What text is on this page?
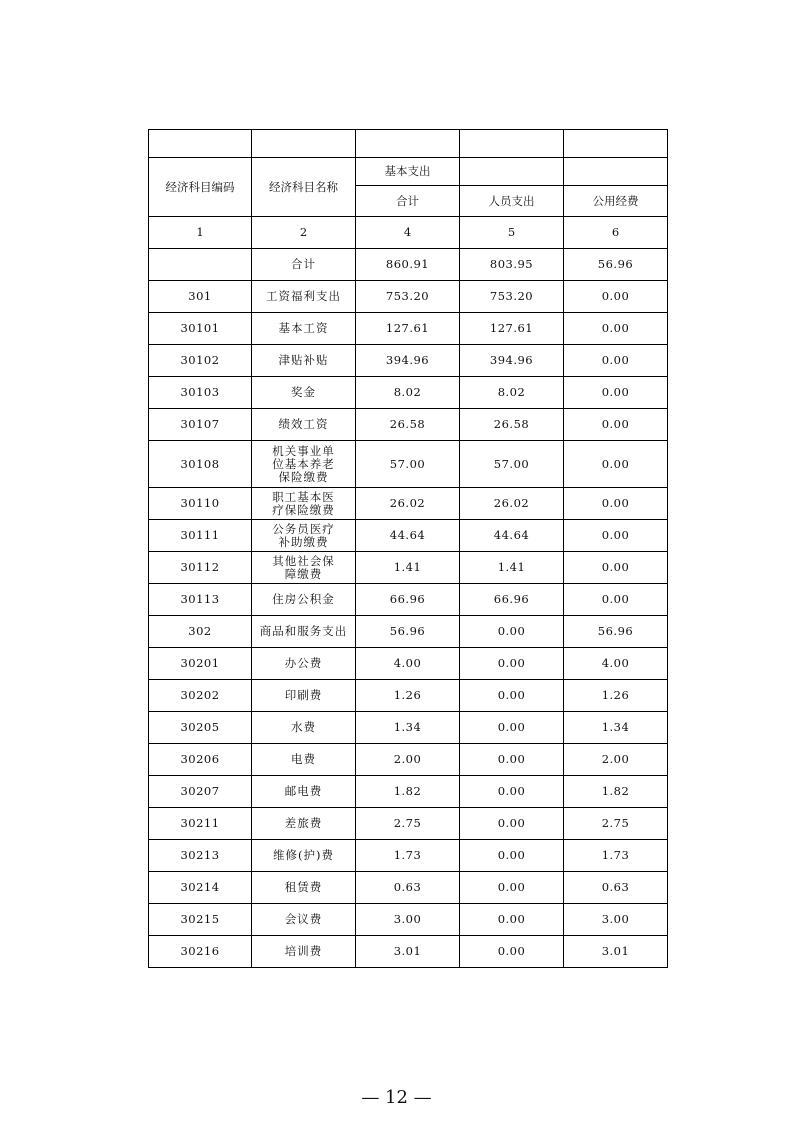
经济科目编码	经济科目名称	基本支出		
		合计	人员支出	公用经费
1	2	4	5	6
	合计	860.91	803.95	56.96
301	工资福利支出	753.20	753.20	0.00
30101	基本工资	127.61	127.61	0.00
30102	津贴补贴	394.96	394.96	0.00
30103	奖金	8.02	8.02	0.00
30107	绩效工资	26.58	26.58	0.00
30108	机关事业单位基本养老保险缴费	57.00	57.00	0.00
30110	职工基本医疗保险缴费	26.02	26.02	0.00
30111	公务员医疗补助缴费	44.64	44.64	0.00
30112	其他社会保障缴费	1.41	1.41	0.00
30113	住房公积金	66.96	66.96	0.00
302	商品和服务支出	56.96	0.00	56.96
30201	办公费	4.00	0.00	4.00
30202	印刷费	1.26	0.00	1.26
30205	水费	1.34	0.00	1.34
30206	电费	2.00	0.00	2.00
30207	邮电费	1.82	0.00	1.82
30211	差旅费	2.75	0.00	2.75
30213	维修(护)费	1.73	0.00	1.73
30214	租赁费	0.63	0.00	0.63
30215	会议费	3.00	0.00	3.00
30216	培训费	3.01	0.00	3.01
— 12 —
